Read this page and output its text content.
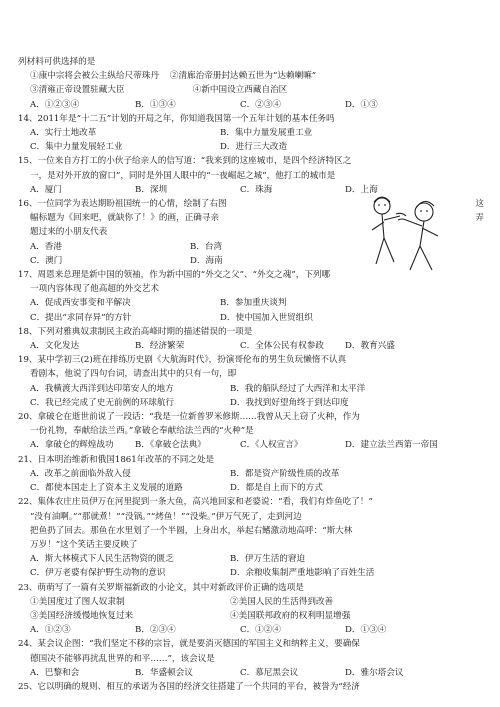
列材料可供选择的是
①康中宗将会被公主纵给尺蒂珠丹 ②清廊治帝册封达赖五世为“达赖喇嘛”
③清雍正帝设置驻藏大臣	④新中国设立西藏自治区
A．①②③④	B．①③④	C．②③④	D．①③
14、2011年是“十二五”计划的开局之年，你知道我国第一个五年计划的基本任务吗
A．实行土地改革	B．集中力量发展重工业
C．集中力量发展轻工业	D．进行三大改造
15、一位来自方打工的小伙子给亲人的信写道：“我来到的这座城市，是四个经济特区之
一，是对外开放的窗口”，同时是外国人眼中的“一夜崛起之城”，他打工的城市是
A．厦门	B．深圳	C．珠海	D．上海
16、一位同学为表达期盼祖国统一的心情，绘制了右图	这
幅标题为《回来吧，就缺你了！》的画，正确寻亲	弄
题过来的小朋友代表
A．香港	B．台湾
C．澳门	D．海南
17、周恩来总理是新中国的领袖，作为新中国的“外交之父”、“外交之魂”，下列哪
一项内容体现了他高超的外交艺术
A．促成西安事变和平解决	B．参加重庆谈判
C．提出“求同存异”的方针	D．使中国加入世贸组织
18、下列对雅典奴隶制民主政治高峰时期的描述错误的一项是
A．文化发达	B．经济繁荣	C．全体公民有权参政	D．教育兴盛
19、某中学初三(2)班在排练历史剧《大航海时代》，扮演哥伦布的男生负玩懒惰不认真
看剧本，他说了四句台词，请查出其中的只有一句，即
A．我横渡大西洋到达印第安人的地方	B．我的船队经过了大西洋和太平洋
C．我已经完成了史无前例的环球航行	D．我找到好望角终于到达印度
20、拿破仑在逝世前说了一段话：“我是一位新普罗米修斯……我曾从天上窃了火种，作为
一份礼物，奉献给法兰西。”拿破仑奉献给法兰西的“火种”是
A．拿破仑的辉煌战功	B．《拿破仑法典》	C．《人权宣言》	D．建立法兰西第一帝国
21、日本明治维新和俄国1861年改革的不同之处是
A．改革之前面临外敌入侵	B．都是资产阶级性质的改革
C．都使本国走上了资本主义发展的道路	D．都是自上而下的方式
22、集体农庄庄员伊万在河里捉到一条大鱼，高兴地回家和老婆说：“看，我们有炸鱼吃了！”
“没有油啊。”“那就煮！”“没锅。”“烤鱼！”“没柴。”伊万气死了，走到河边
把鱼扔了回去。那鱼在水里划了一个半圆，上身出水，举起右鳍激动地高呼：“斯大林
万岁！”这个笑话主要反映了
A．斯大林模式下人民生活物资的匮乏	B．伊万生活的窘迫
C．伊万老婆有保护野生动物的意识	D．余粮收集制严重地影响了百姓生活
23、萌萌写了一篇有关罗斯福新政的小论文，其中对新政评价正确的选项是
①美国度过了图人奴隶制	②美国人民的生活得到改善
③美国经济缓慢地恢复过来	④美国联邦政府的权利明显增强
A．①②③	B．②③④	C．①②④	D．①③④
24、某会议企图：“我们坚定不移的宗旨，就是要消灭德国的军国主义和纳粹主义，要确保
德国决不能够再扰乱世界的和平……”，该会议是
A．巴黎和会	B．华盛顿会议	C．慕尼黑会议	D．雅尔塔会议
25、它以明确的规则、相互的承诺为各国的经济交往搭建了一个共同的平台，被誉为“经济
